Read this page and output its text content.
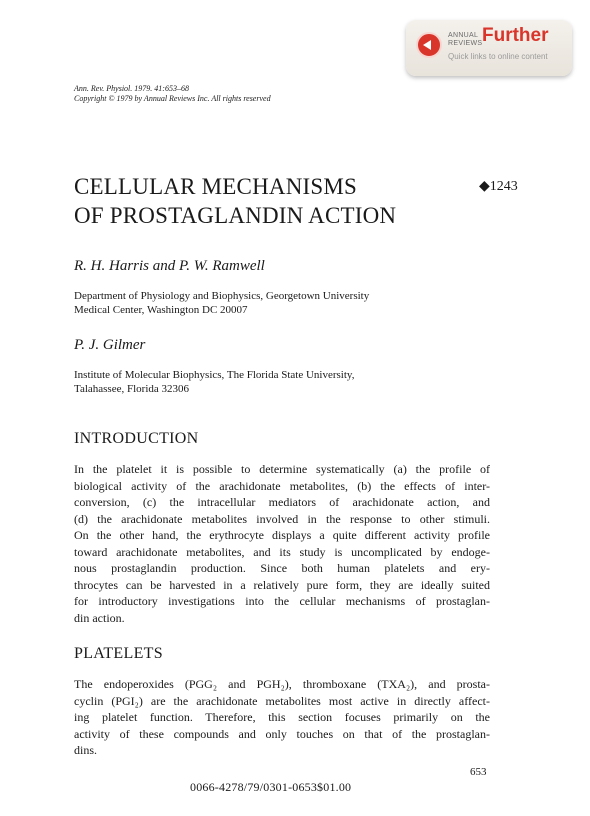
ANNUAL
REVIEWS Further
Quick links to online content
Ann. Rev. Physiol. 1979. 41:653–68
Copyright © 1979 by Annual Reviews Inc. All rights reserved
CELLULAR MECHANISMS
OF PROSTAGLANDIN ACTION
◆1243
R. H. Harris and P. W. Ramwell
Department of Physiology and Biophysics, Georgetown University
Medical Center, Washington DC 20007
P. J. Gilmer
Institute of Molecular Biophysics, The Florida State University,
Talahassee, Florida 32306
INTRODUCTION
In the platelet it is possible to determine systematically (a) the profile of
biological activity of the arachidonate metabolites, (b) the effects of inter-
conversion, (c) the intracellular mediators of arachidonate action, and
(d) the arachidonate metabolites involved in the response to other stimuli.
On the other hand, the erythrocyte displays a quite different activity profile
toward arachidonate metabolites, and its study is uncomplicated by endoge-
nous prostaglandin production. Since both human platelets and ery-
throcytes can be harvested in a relatively pure form, they are ideally suited
for introductory investigations into the cellular mechanisms of prostaglan-
din action.
PLATELETS
The endoperoxides (PGG₂ and PGH₂), thromboxane (TXA₂), and prosta-
cyclin (PGI₂) are the arachidonate metabolites most active in directly affect-
ing platelet function. Therefore, this section focuses primarily on the
activity of these compounds and only touches on that of the prostaglan-
dins.
653
0066-4278/79/0301-0653$01.00
